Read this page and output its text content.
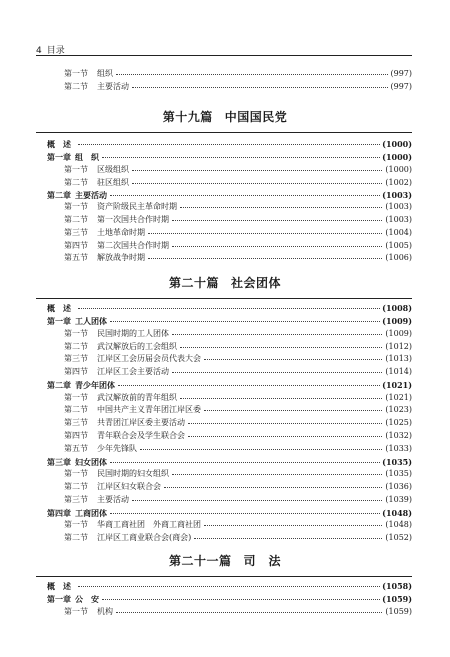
4 目录
第一节	组织	(997)
第二节	主要活动	(997)
第十九篇 中国国民党
概　述	(1000)
第一章 组　织	(1000)
第一节	区级组织	(1000)
第二节	驻区组织	(1002)
第二章 主要活动	(1003)
第一节	资产阶级民主革命时期	(1003)
第二节	第一次国共合作时期	(1003)
第三节	土地革命时期	(1004)
第四节	第二次国共合作时期	(1005)
第五节	解放战争时期	(1006)
第二十篇 社会团体
概　述	(1008)
第一章 工人团体	(1009)
第一节	民国时期的工人团体	(1009)
第二节	武汉解放后的工会组织	(1012)
第三节	江岸区工会历届会员代表大会	(1013)
第四节	江岸区工会主要活动	(1014)
第二章 青少年团体	(1021)
第一节	武汉解放前的青年组织	(1021)
第二节	中国共产主义青年团江岸区委	(1023)
第三节	共青团江岸区委主要活动	(1025)
第四节	青年联合会及学生联合会	(1032)
第五节	少年先锋队	(1033)
第三章 妇女团体	(1035)
第一节	民国时期的妇女组织	(1035)
第二节	江岸区妇女联合会	(1036)
第三节	主要活动	(1039)
第四章 工商团体	(1048)
第一节	华商工商社团　外商工商社团	(1048)
第二节	江岸区工商业联合会(商会)	(1052)
第二十一篇 司　法
概　述	(1058)
第一章 公　安	(1059)
第一节	机构	(1059)
